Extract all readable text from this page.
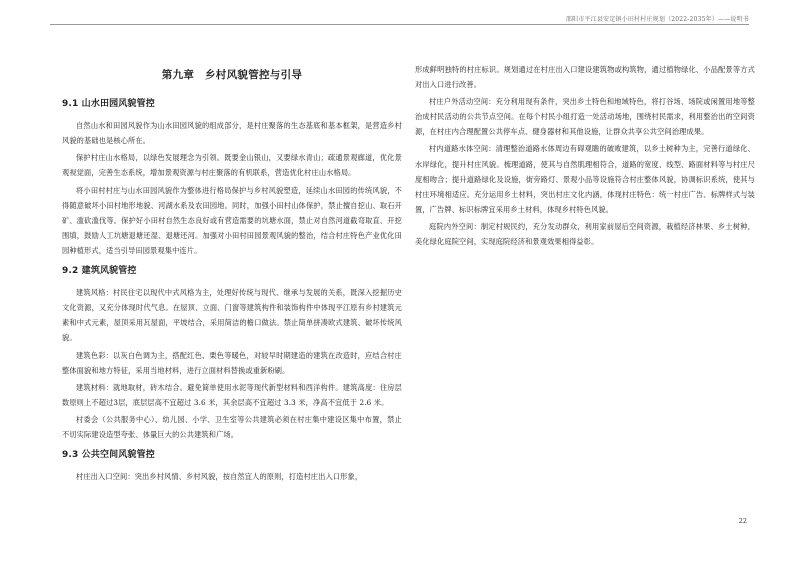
邵阳市平江县安定镇小田村村庄规划（2022-2035年）——说明书
第九章　乡村风貌管控与引导
9.1 山水田园风貌管控

自然山水和田园风貌作为山水田园风貌的组成部分，是村庄聚落的生态基底和基本框架，是营造乡村风貌的基础也是核心所在。

保护村庄山水格局，以绿色发展理念为引领。既要金山银山，又要绿水青山；疏通景观廊道，优化景观视觉面，完善生态系统，增加景观资源与村庄聚落的有机联系，营造优化村庄山水格局。

将小田村村庄与山水田园风貌作为整体进行格局保护与乡村风貌塑造，延续山水田园的传统风貌，不得随意破坏小田村地形地貌、河湖水系及农田园地。同时，加强小田村山体保护，禁止擅自挖山、取石开矿、滥砍滥伐等。保护好小田村自然生态良好或有营造需要的坑塘水面，禁止对自然河道截弯取直、开挖围填，鼓励人工坑塘退塘还湿、退塘还河。加强对小田村田园景观风貌的整治，结合村庄特色产业优化田园种植形式，适当引导田园景观集中连片。

9.2 建筑风貌管控

建筑风格：村民住宅以现代中式风格为主，处理好传统与现代、继承与发展的关系，既深入挖掘历史文化资源，又充分体现时代气息。在屋顶、立面、门窗等建筑构件和装饰构件中体现平江原有乡村建筑元素和中式元素，屋顶采用瓦屋面，平坡结合，采用简洁的檐口做法。禁止简单拼凑欧式建筑、破坏传统风貌。

建筑色彩：以灰白色调为主，搭配红色、栗色等暖色，对较早时期建造的建筑在改造时，应结合村庄整体面貌和地方特征，采用当地材料，进行立面材料替换或重新粉刷。

建筑材料：就地取材，砖木结合。避免简单使用水泥等现代新型材料和西洋构件。建筑高度：住房层数原则上不超过3层，底层层高不宜超过 3.6 米，其余层高不宜超过 3.3 米，净高不宜低于 2.6 米。

村委会（公共服务中心）、幼儿园、小学、卫生室等公共建筑必须在村庄集中建设区集中布置，禁止不切实际建设造型夸张、体量巨大的公共建筑和广场。

9.3 公共空间风貌管控

村庄出入口空间：突出乡村风情、乡村风貌，按自然宜人的原则，打造村庄出入口形象，

形成鲜明独特的村庄标识。规划通过在村庄出入口建设建筑物或构筑物，通过植物绿化、小品配景等方式对出入口进行改善。

村庄户外活动空间：充分利用现有条件，突出乡土特色和地域特色，将打谷场、场院或闲置用地等整治成村民活动的公共节点空间。在每个村民小组打造一处活动场地，围绕村民需求，利用整治出的空间资源，在村庄内合理配置公共停车点、健身器材和其他设施，让群众共享公共空间治理成果。

村内道路水体空间：清理整治道路水体周边有碍观瞻的破败建筑，以乡土树种为主，完善行道绿化、水岸绿化，提升村庄风貌。梳理道路，使其与自然肌理相符合，道路的宽度、线型、路面材料等与村庄尺度相吻合；提升道路绿化及设施，街旁路灯、景观小品等设施符合村庄整体风貌，协调标识系统，使其与村庄环境相适应。充分运用乡土材料，突出村庄文化内涵，体现村庄特色：统一村庄广告、标牌样式与装置，广告牌、标识标牌宜采用乡土材料，体现乡村特色风貌。

庭院内外空间：制定村规民约，充分发动群众，利用家前屋后空间资源，栽植经济林果、乡土树种，美化绿化庭院空间，实现庭院经济和景观效果相得益彰。

22
